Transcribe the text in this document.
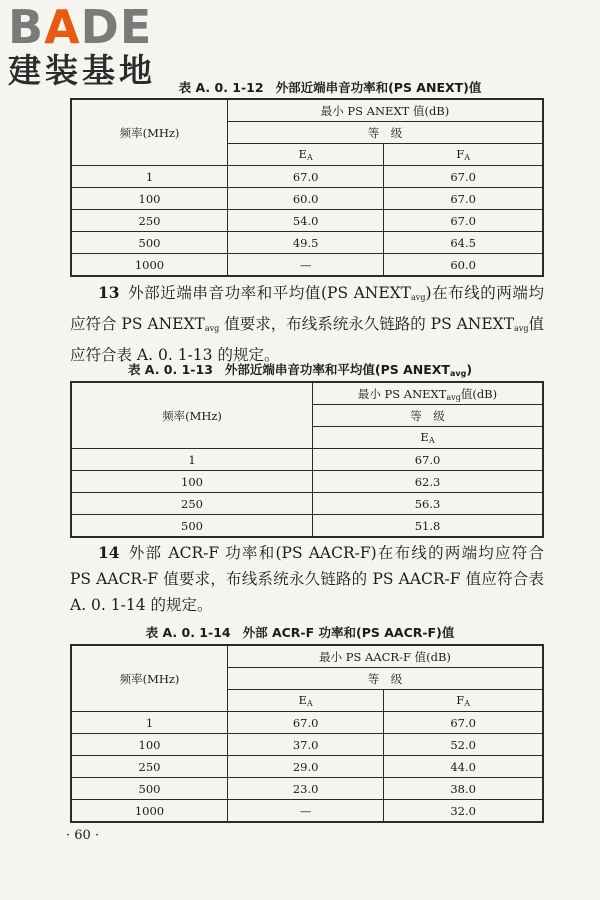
BADE
建装基地	表 A. 0. 1-12 外部近端串音功率和(PS ANEXT)值
频率(MHz)	最小 PS ANEXT 值(dB)	
	等　级	
	$E_A$	$F_A$
1	67.0	67.0
100	60.0	67.0
250	54.0	67.0
500	49.5	64.5
1000	—	60.0
13 外部近端串音功率和平均值(PS $ANEXT_{avg}$)在布线的两端均应符合 PS $ANEXT_{avg}$ 值要求，布线系统永久链路的 PS $ANEXT_{avg}$值应符合表 A. 0. 1-13 的规定。
表 A. 0. 1-13 外部近端串音功率和平均值(PS $ANEXT_{avg}$)
频率(MHz)	最小 PS $ANEXT_{avg}$值(dB)
	等　级
	$E_A$
1	67.0
100	62.3
250	56.3
500	51.8
14 外部 ACR-F 功率和(PS AACR-F)在布线的两端均应符合 PS AACR-F 值要求，布线系统永久链路的 PS AACR-F 值应符合表 A. 0. 1-14 的规定。
表 A. 0. 1-14 外部 ACR-F 功率和(PS AACR-F)值
频率(MHz)	最小 PS AACR-F 值(dB)	
	等　级	
	$E_A$	$F_A$
1	67.0	67.0
100	37.0	52.0
250	29.0	44.0
500	23.0	38.0
1000	—	32.0
· 60 ·
